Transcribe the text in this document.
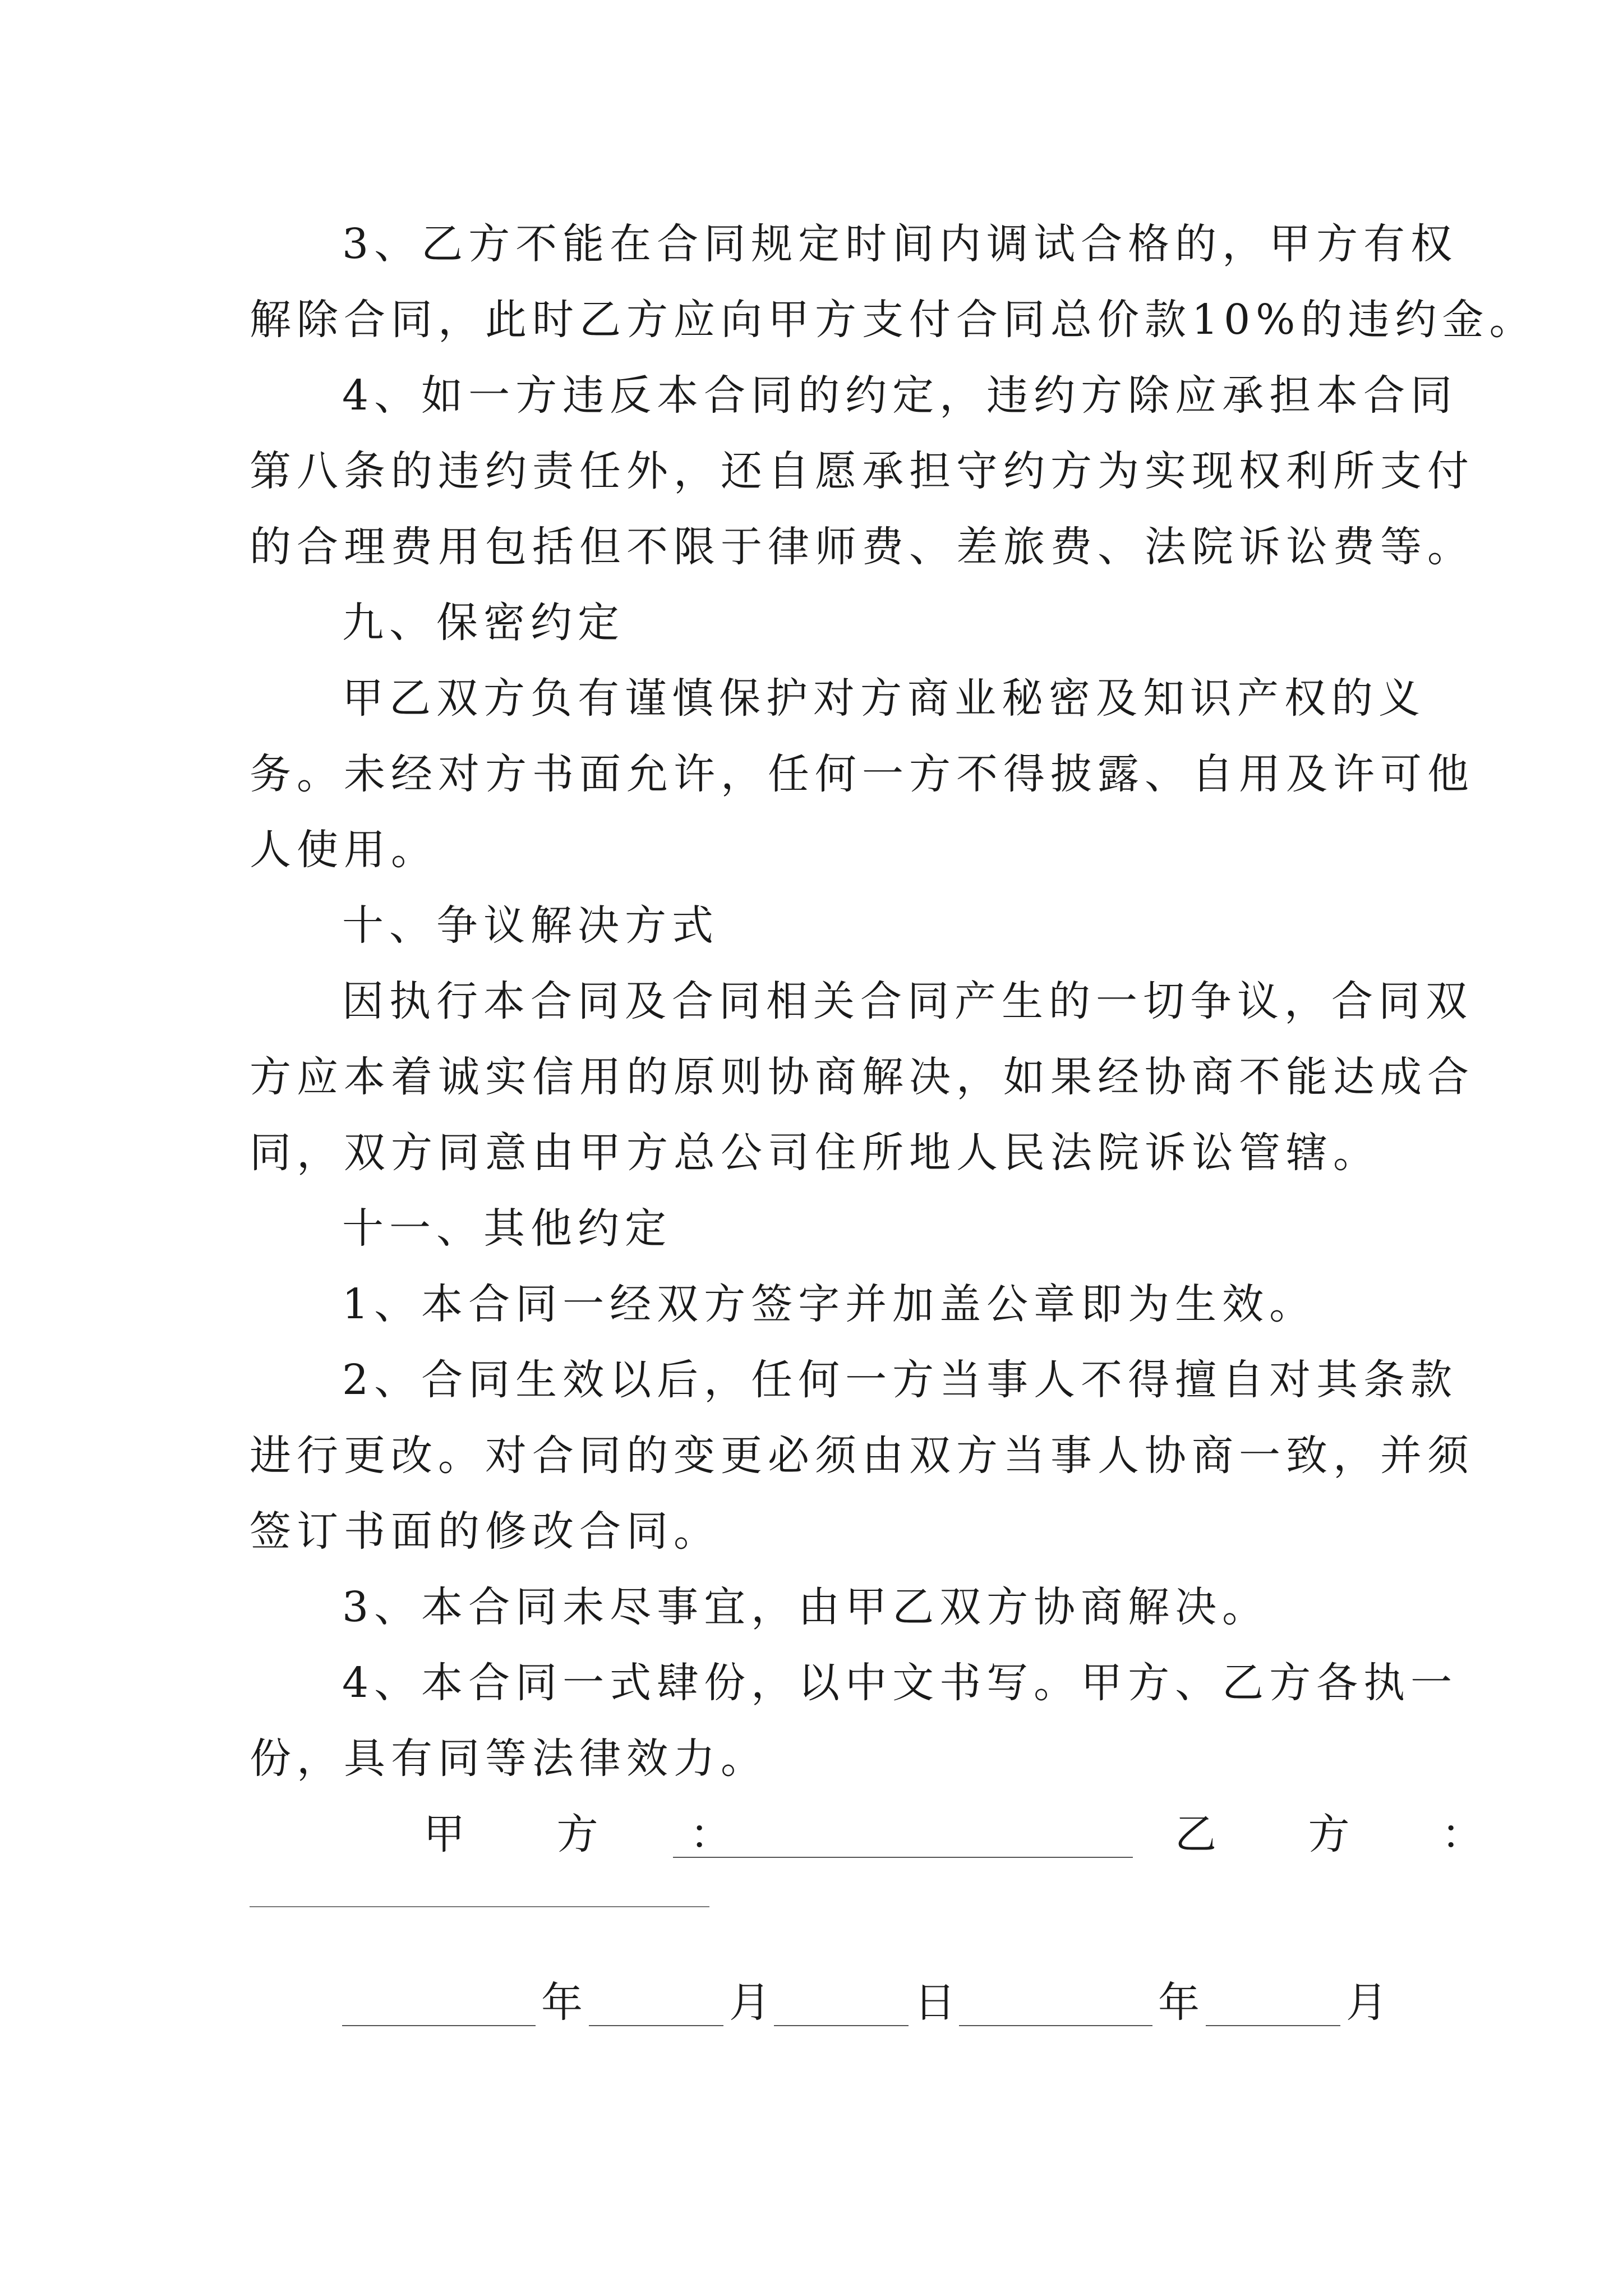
3、乙方不能在合同规定时间内调试合格的，甲方有权
解除合同，此时乙方应向甲方支付合同总价款10%的违约金。
4、如一方违反本合同的约定，违约方除应承担本合同
第八条的违约责任外，还自愿承担守约方为实现权利所支付
的合理费用包括但不限于律师费、差旅费、法院诉讼费等。
九、保密约定
甲乙双方负有谨慎保护对方商业秘密及知识产权的义
务。未经对方书面允许，任何一方不得披露、自用及许可他
人使用。
十、争议解决方式
因执行本合同及合同相关合同产生的一切争议，合同双
方应本着诚实信用的原则协商解决，如果经协商不能达成合
同，双方同意由甲方总公司住所地人民法院诉讼管辖。
十一、其他约定
1、本合同一经双方签字并加盖公章即为生效。
2、合同生效以后，任何一方当事人不得擅自对其条款
进行更改。对合同的变更必须由双方当事人协商一致，并须
签订书面的修改合同。
3、本合同未尽事宜，由甲乙双方协商解决。
4、本合同一式肆份，以中文书写。甲方、乙方各执一
份，具有同等法律效力。
甲 方 ：	乙 方 ：
年	月	日	年	月
